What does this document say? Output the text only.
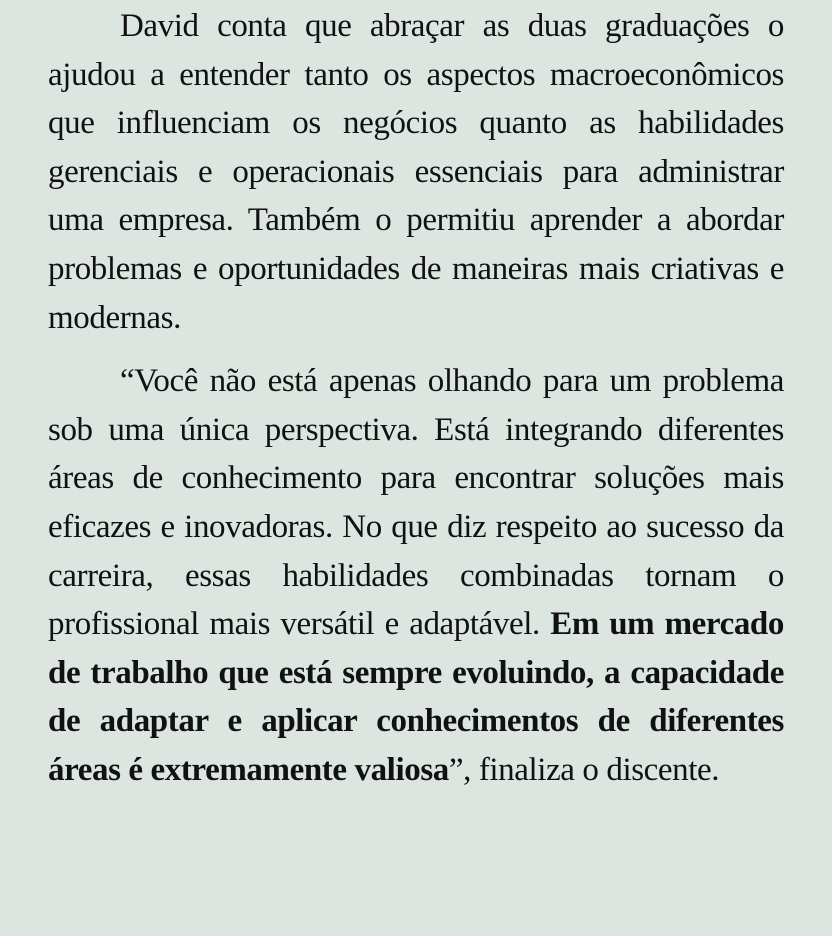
David conta que abraçar as duas graduações o ajudou a entender tanto os aspectos macroeconômicos que influenciam os negócios quanto as habilidades gerenciais e operacionais essenciais para administrar uma empresa. Também o permitiu aprender a abordar problemas e oportunidades de maneiras mais criativas e modernas.

“Você não está apenas olhando para um problema sob uma única perspectiva. Está integrando diferentes áreas de conhecimento para encontrar soluções mais eficazes e inovadoras. No que diz respeito ao sucesso da carreira, essas habilidades combinadas tornam o profissional mais versátil e adaptável. Em um mercado de trabalho que está sempre evoluindo, a capacidade de adaptar e aplicar conhecimentos de diferentes áreas é extremamente valiosa”, finaliza o discente.
